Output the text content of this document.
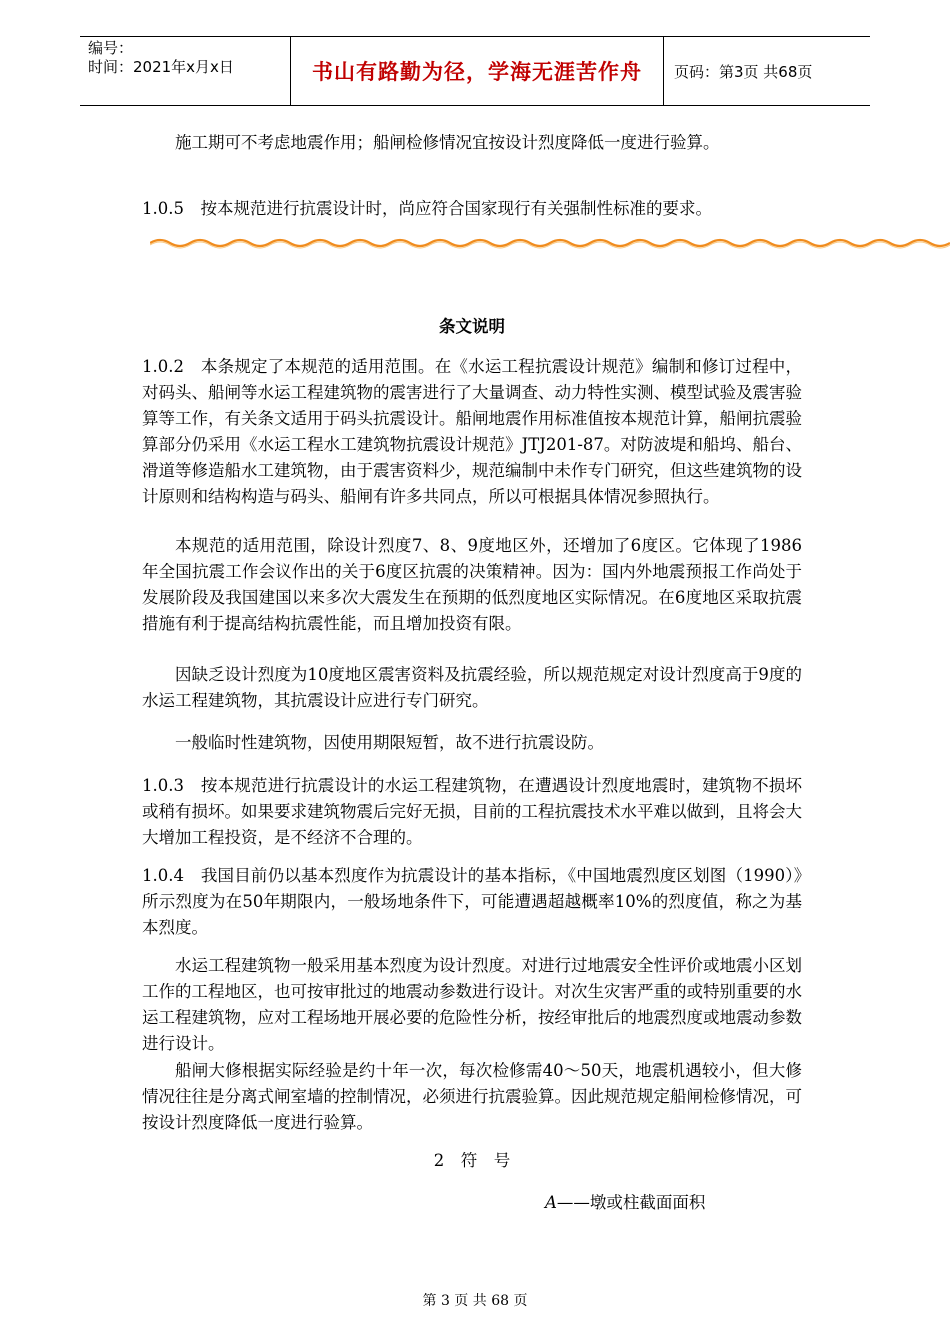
编号：
时间：2021年x月x日	书山有路勤为径，学海无涯苦作舟	页码：第3页 共68页

施工期可不考虑地震作用；船闸检修情况宜按设计烈度降低一度进行验算。

1.0.5　按本规范进行抗震设计时，尚应符合国家现行有关强制性标准的要求。

条文说明

1.0.2　本条规定了本规范的适用范围。在《水运工程抗震设计规范》编制和修订过程中，对码头、船闸等水运工程建筑物的震害进行了大量调查、动力特性实测、模型试验及震害验算等工作，有关条文适用于码头抗震设计。船闸地震作用标准值按本规范计算，船闸抗震验算部分仍采用《水运工程水工建筑物抗震设计规范》JTJ201-87。对防波堤和船坞、船台、滑道等修造船水工建筑物，由于震害资料少，规范编制中未作专门研究，但这些建筑物的设计原则和结构构造与码头、船闸有许多共同点，所以可根据具体情况参照执行。

本规范的适用范围，除设计烈度7、8、9度地区外，还增加了6度区。它体现了1986年全国抗震工作会议作出的关于6度区抗震的决策精神。因为：国内外地震预报工作尚处于发展阶段及我国建国以来多次大震发生在预期的低烈度地区实际情况。在6度地区采取抗震措施有利于提高结构抗震性能，而且增加投资有限。

因缺乏设计烈度为10度地区震害资料及抗震经验，所以规范规定对设计烈度高于9度的水运工程建筑物，其抗震设计应进行专门研究。

一般临时性建筑物，因使用期限短暂，故不进行抗震设防。

1.0.3　按本规范进行抗震设计的水运工程建筑物，在遭遇设计烈度地震时，建筑物不损坏或稍有损坏。如果要求建筑物震后完好无损，目前的工程抗震技术水平难以做到，且将会大大增加工程投资，是不经济不合理的。

1.0.4　我国目前仍以基本烈度作为抗震设计的基本指标，《中国地震烈度区划图（1990）》所示烈度为在50年期限内，一般场地条件下，可能遭遇超越概率10%的烈度值，称之为基本烈度。

水运工程建筑物一般采用基本烈度为设计烈度。对进行过地震安全性评价或地震小区划工作的工程地区，也可按审批过的地震动参数进行设计。对次生灾害严重的或特别重要的水运工程建筑物，应对工程场地开展必要的危险性分析，按经审批后的地震烈度或地震动参数进行设计。

船闸大修根据实际经验是约十年一次，每次检修需40～50天，地震机遇较小，但大修情况往往是分离式闸室墙的控制情况，必须进行抗震验算。因此规范规定船闸检修情况，可按设计烈度降低一度进行验算。

2　符　号

A——墩或柱截面面积
第 3 页 共 68 页
